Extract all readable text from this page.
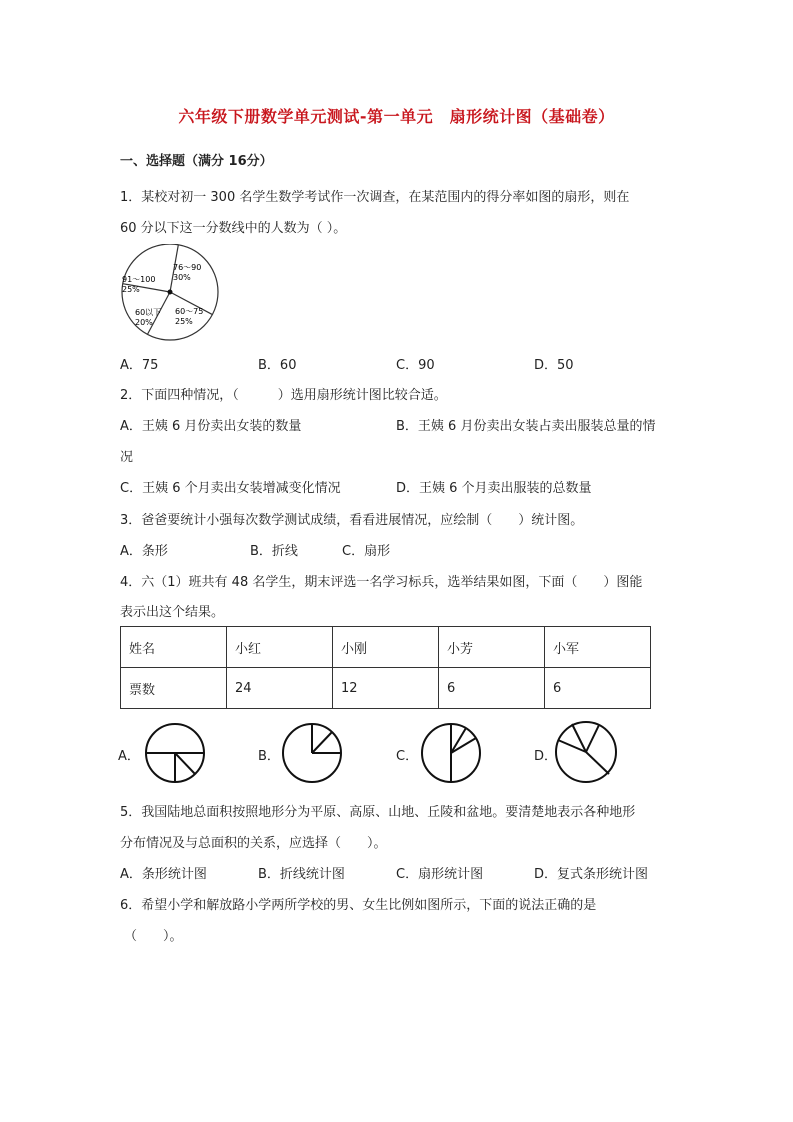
六年级下册数学单元测试-第一单元　扇形统计图（基础卷）
一、选择题（满分 16分）
1．某校对初一 300 名学生数学考试作一次调查，在某范围内的得分率如图的扇形，则在
60 分以下这一分数线中的人数为（ ）。
76～90
30%
60～75
25%
60以下
20%
91～100
25%
A．75	B．60	C．90	D．50
2．下面四种情况，（　　　）选用扇形统计图比较合适。
A．王姨 6 月份卖出女装的数量	B．王姨 6 月份卖出女装占卖出服装总量的情
况
C．王姨 6 个月卖出女装增减变化情况	D．王姨 6 个月卖出服装的总数量
3．爸爸要统计小强每次数学测试成绩，看看进展情况，应绘制（　　）统计图。
A．条形	B．折线	C．扇形
4．六（1）班共有 48 名学生，期末评选一名学习标兵，选举结果如图，下面（　　）图能
表示出这个结果。
姓名	小红	小刚	小芳	小军
票数	24	12	6	6
A．	B．	C．	D．
5．我国陆地总面积按照地形分为平原、高原、山地、丘陵和盆地。要清楚地表示各种地形
分布情况及与总面积的关系，应选择（　　）。
A．条形统计图	B．折线统计图	C．扇形统计图	D．复式条形统计图
6．希望小学和解放路小学两所学校的男、女生比例如图所示，下面的说法正确的是
（　　）。
